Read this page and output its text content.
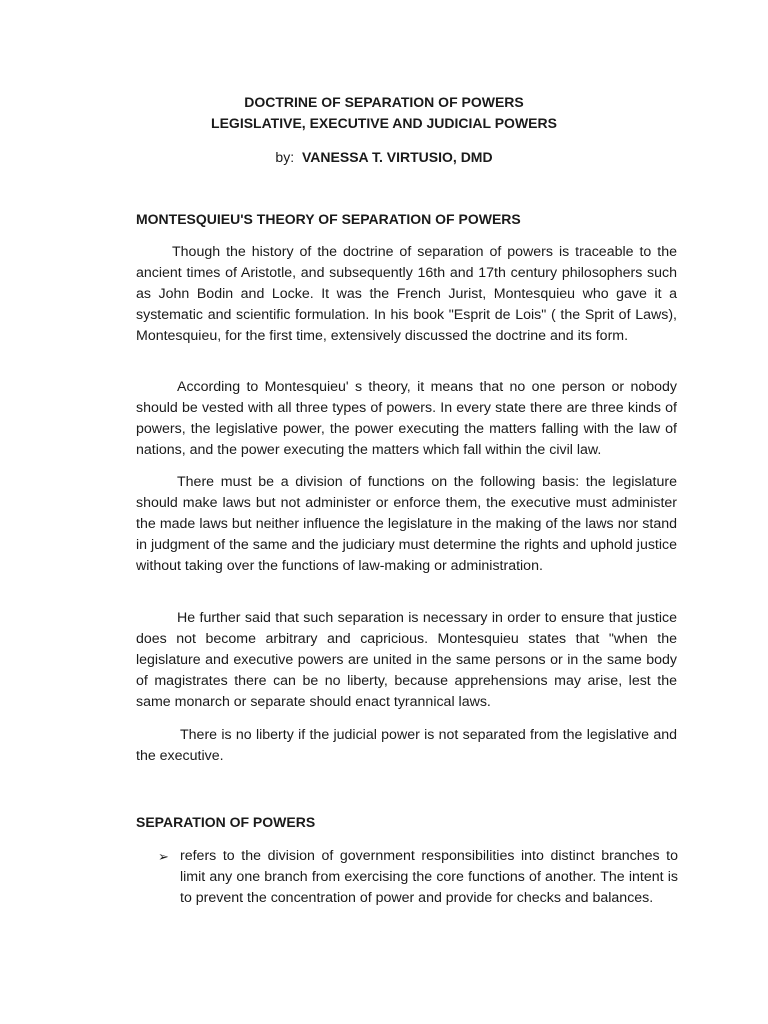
DOCTRINE OF SEPARATION OF POWERS
LEGISLATIVE, EXECUTIVE AND JUDICIAL POWERS

by: VANESSA T. VIRTUSIO, DMD

MONTESQUIEU'S THEORY OF SEPARATION OF POWERS

Though the history of the doctrine of separation of powers is traceable to the ancient times of Aristotle, and subsequently 16th and 17th century philosophers such as John Bodin and Locke. It was the French Jurist, Montesquieu who gave it a systematic and scientific formulation. In his book "Esprit de Lois" ( the Sprit of Laws), Montesquieu, for the first time, extensively discussed the doctrine and its form.

According to Montesquieu' s theory, it means that no one person or nobody should be vested with all three types of powers. In every state there are three kinds of powers, the legislative power, the power executing the matters falling with the law of nations, and the power executing the matters which fall within the civil law.

There must be a division of functions on the following basis: the legislature should make laws but not administer or enforce them, the executive must administer the made laws but neither influence the legislature in the making of the laws nor stand in judgment of the same and the judiciary must determine the rights and uphold justice without taking over the functions of law-making or administration.

He further said that such separation is necessary in order to ensure that justice does not become arbitrary and capricious. Montesquieu states that "when the legislature and executive powers are united in the same persons or in the same body of magistrates there can be no liberty, because apprehensions may arise, lest the same monarch or separate should enact tyrannical laws.

There is no liberty if the judicial power is not separated from the legislative and the executive.

SEPARATION OF POWERS
➢ refers to the division of government responsibilities into distinct branches to limit any one branch from exercising the core functions of another. The intent is to prevent the concentration of power and provide for checks and balances.
